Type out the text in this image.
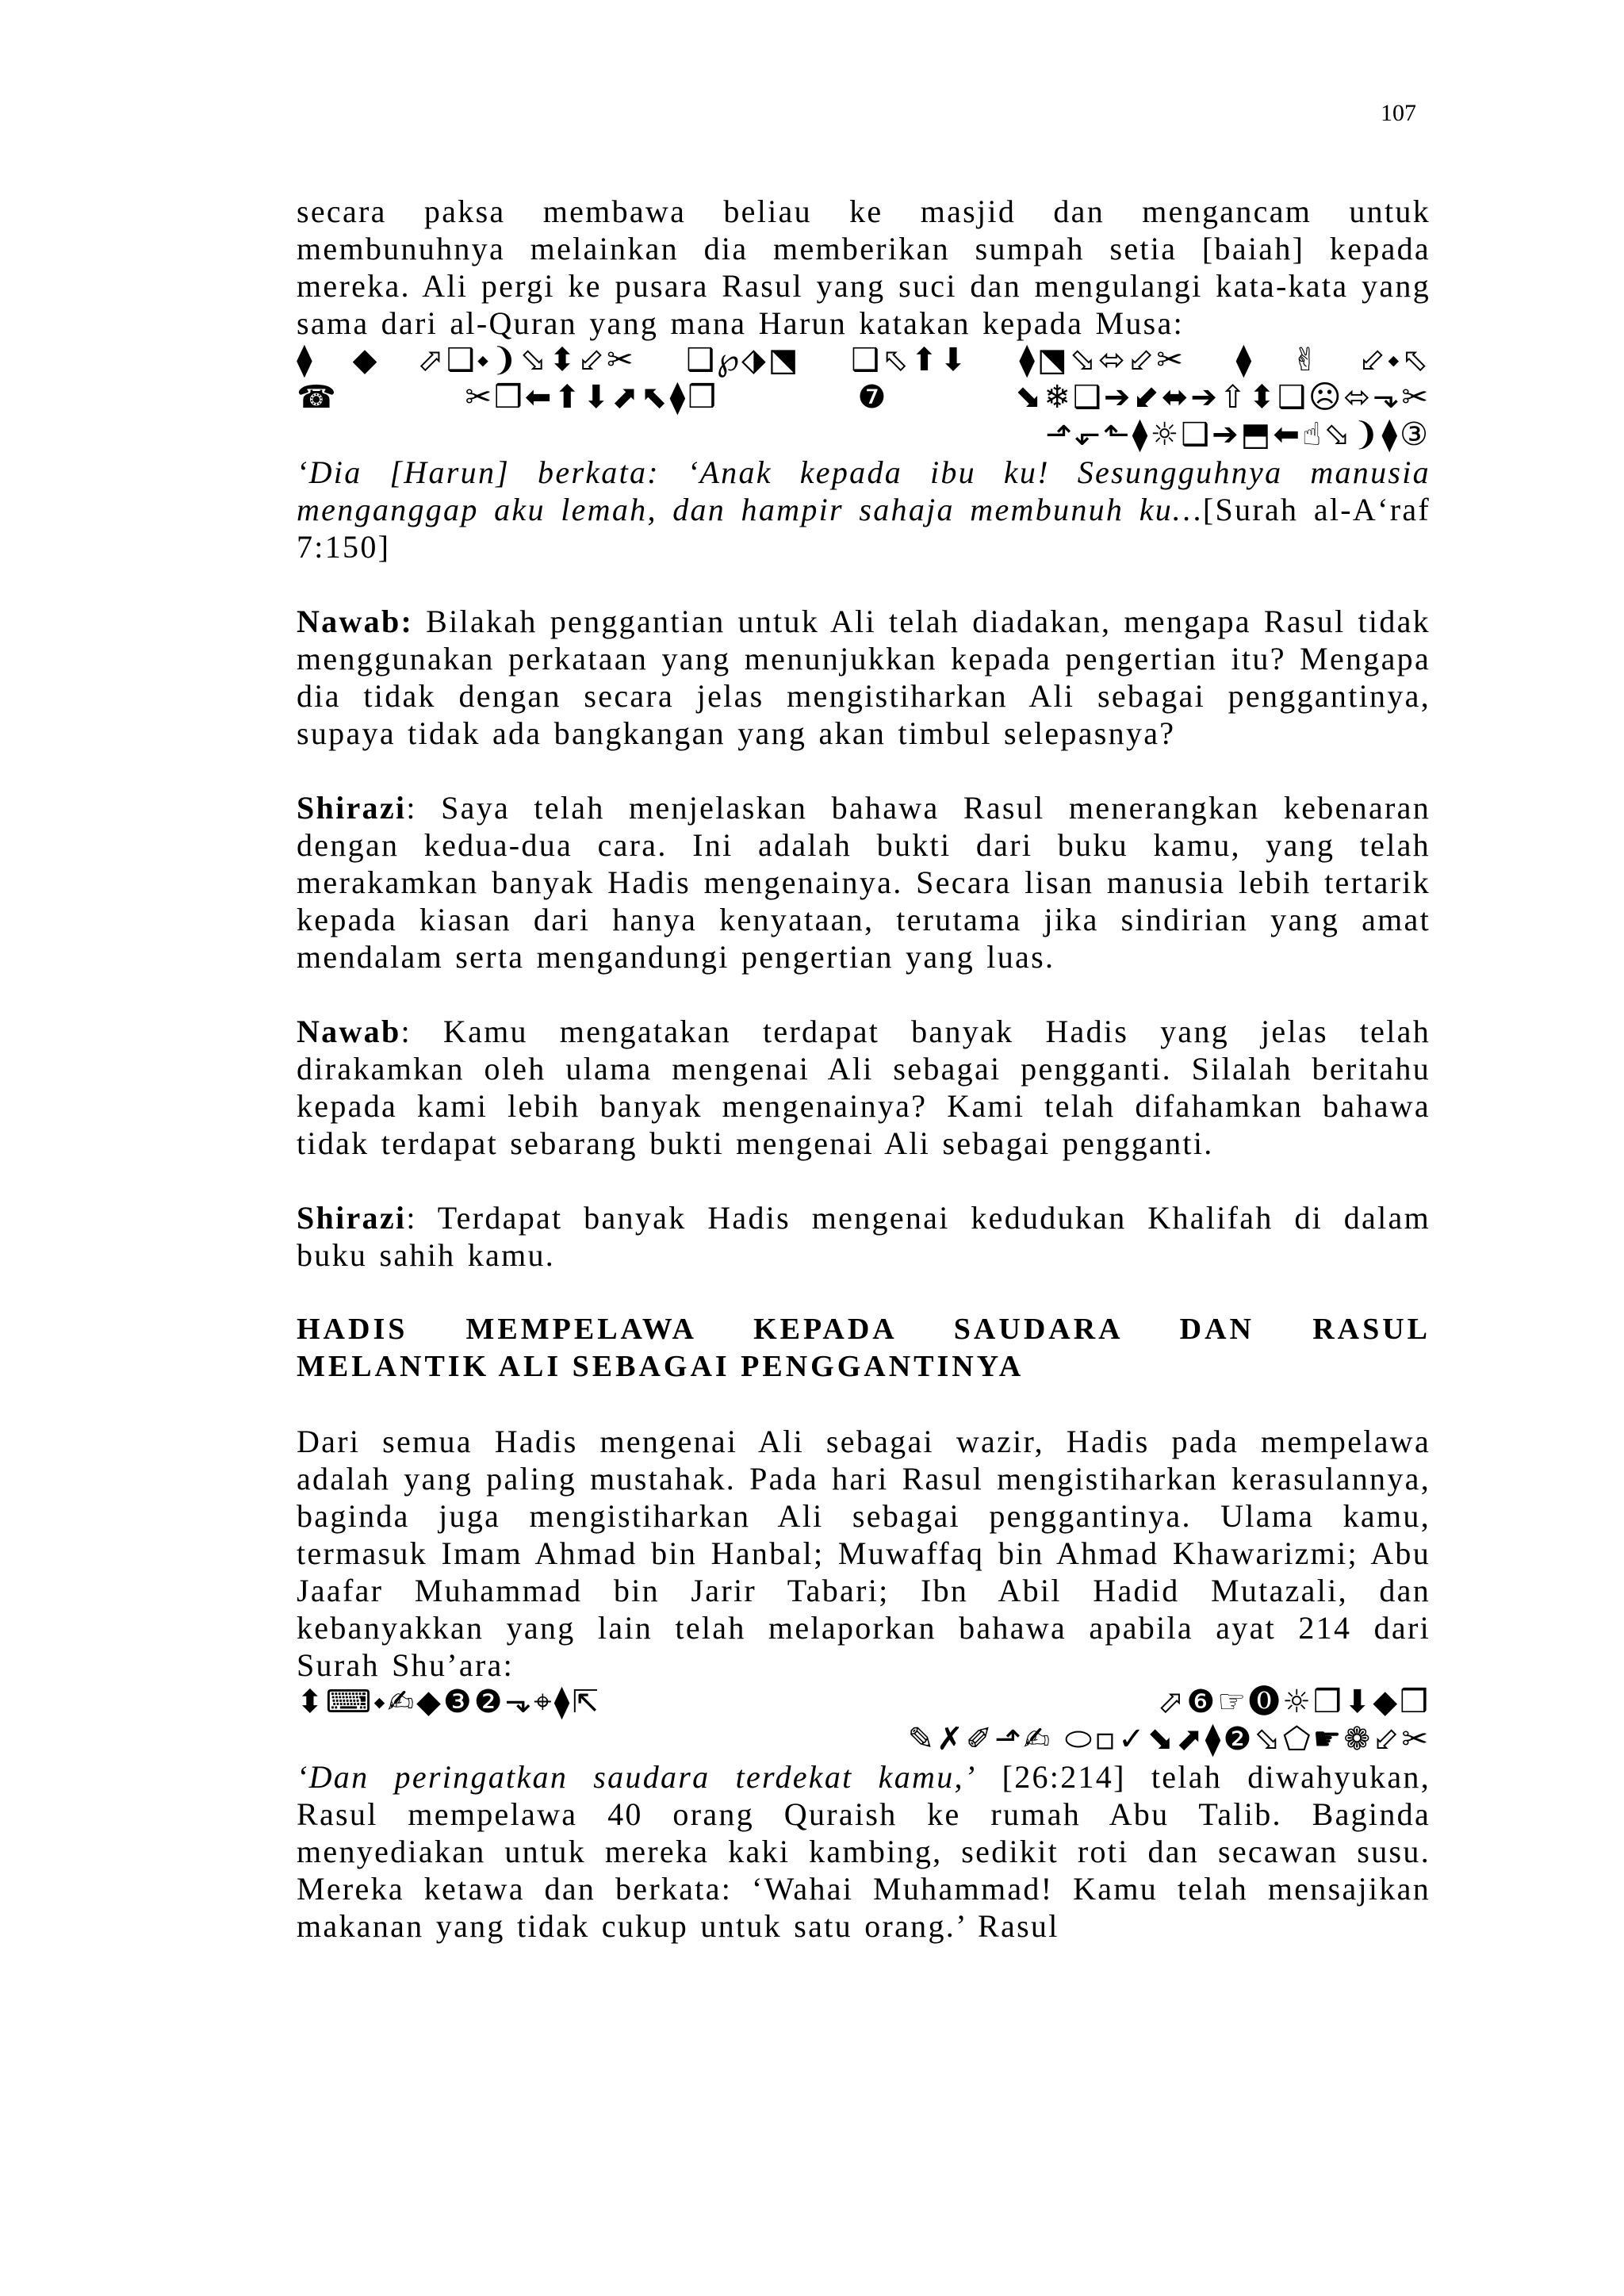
107

secara paksa membawa beliau ke masjid dan mengancam untuk membunuhnya melainkan dia memberikan sumpah setia [baiah] kepada mereka. Ali pergi ke pusara Rasul yang suci dan mengulangi kata-kata yang sama dari al-Quran yang mana Harun katakan kepada Musa:

⧫◆⬀❑⬩❩⬂⬍⬃✂ ❑℘⬗⬔ ❑⬁⬆⬇ ⧫⬔⬂⬄⬃✂ ⧫✌⬃⬩⬁
☎✂❒⬅⬆⬇⬈⬉⧫❒ ❼⬊❄❑➔⬋⬌➔⇧⬍❑☹⬄⬎✂
⬏⬐⬑⧫☼❑➔⬒⬅☝⬂❩⧫③

‘Dia [Harun] berkata: ‘Anak kepada ibu ku! Sesungguhnya manusia menganggap aku lemah, dan hampir sahaja membunuh ku…[Surah al-A‘raf 7:150]

Nawab: Bilakah penggantian untuk Ali telah diadakan, mengapa Rasul tidak menggunakan perkataan yang menunjukkan kepada pengertian itu? Mengapa dia tidak dengan secara jelas mengistiharkan Ali sebagai penggantinya, supaya tidak ada bangkangan yang akan timbul selepasnya?

Shirazi: Saya telah menjelaskan bahawa Rasul menerangkan kebenaran dengan kedua-dua cara. Ini adalah bukti dari buku kamu, yang telah merakamkan banyak Hadis mengenainya. Secara lisan manusia lebih tertarik kepada kiasan dari hanya kenyataan, terutama jika sindirian yang amat mendalam serta mengandungi pengertian yang luas.

Nawab: Kamu mengatakan terdapat banyak Hadis yang jelas telah dirakamkan oleh ulama mengenai Ali sebagai pengganti. Silalah beritahu kepada kami lebih banyak mengenainya? Kami telah difahamkan bahawa tidak terdapat sebarang bukti mengenai Ali sebagai pengganti.

Shirazi: Terdapat banyak Hadis mengenai kedudukan Khalifah di dalam buku sahih kamu.

HADIS MEMPELAWA KEPADA SAUDARA DAN RASUL
MELANTIK ALI SEBAGAI PENGGANTINYA

Dari semua Hadis mengenai Ali sebagai wazir, Hadis pada mempelawa adalah yang paling mustahak. Pada hari Rasul mengistiharkan kerasulannya, baginda juga mengistiharkan Ali sebagai penggantinya. Ulama kamu, termasuk Imam Ahmad bin Hanbal; Muwaffaq bin Ahmad Khawarizmi; Abu Jaafar Muhammad bin Jarir Tabari; Ibn Abil Hadid Mutazali, dan kebanyakkan yang lain telah melaporkan bahawa apabila ayat 214 dari Surah Shu’ara:

⬍⌨⬩✍◆❸❷⬎⌖⧫⇱	⬀❻☞⓿☼❒⬇◆❒
✎✗✐⬏✍ ⬭▫✓⬊⬈⧫❷⬂⬠☛❁⬃✂

‘Dan peringatkan saudara terdekat kamu,’ [26:214] telah diwahyukan, Rasul mempelawa 40 orang Quraish ke rumah Abu Talib. Baginda menyediakan untuk mereka kaki kambing, sedikit roti dan secawan susu. Mereka ketawa dan berkata: ‘Wahai Muhammad! Kamu telah mensajikan makanan yang tidak cukup untuk satu orang.’ Rasul
